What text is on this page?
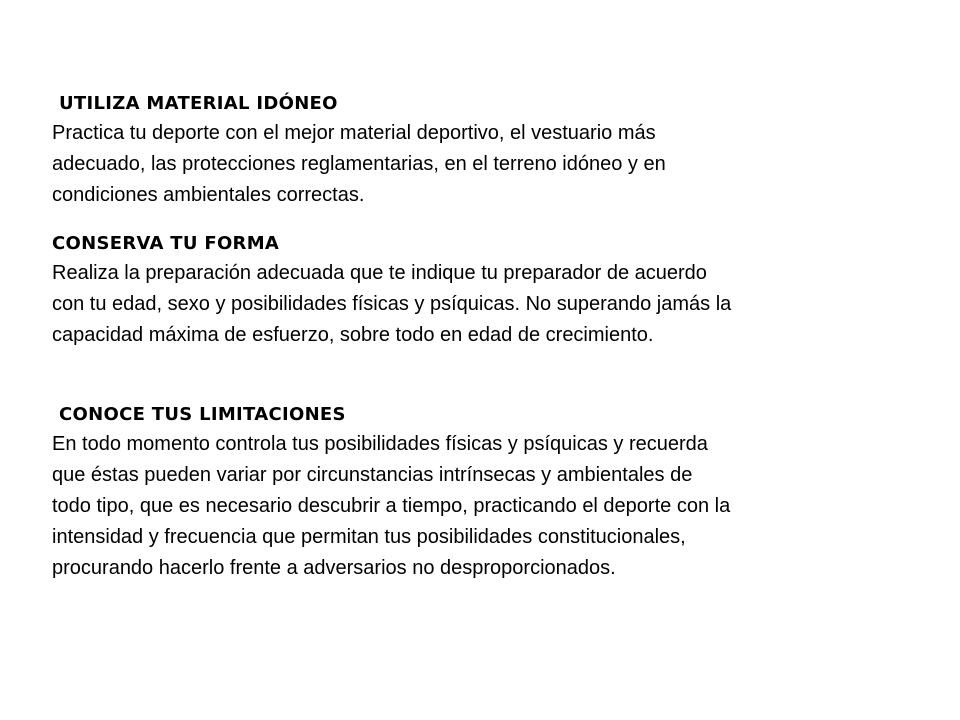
UTILIZA MATERIAL IDÓNEO
Practica tu deporte con el mejor material deportivo, el vestuario más
adecuado, las protecciones reglamentarias, en el terreno idóneo y en
condiciones ambientales correctas.
CONSERVA TU FORMA
Realiza la preparación adecuada que te indique tu preparador de acuerdo
con tu edad, sexo y posibilidades físicas y psíquicas. No superando jamás la
capacidad máxima de esfuerzo, sobre todo en edad de crecimiento.
CONOCE TUS LIMITACIONES
En todo momento controla tus posibilidades físicas y psíquicas y recuerda
que éstas pueden variar por circunstancias intrínsecas y ambientales de
todo tipo, que es necesario descubrir a tiempo, practicando el deporte con la
intensidad y frecuencia que permitan tus posibilidades constitucionales,
procurando hacerlo frente a adversarios no desproporcionados.
